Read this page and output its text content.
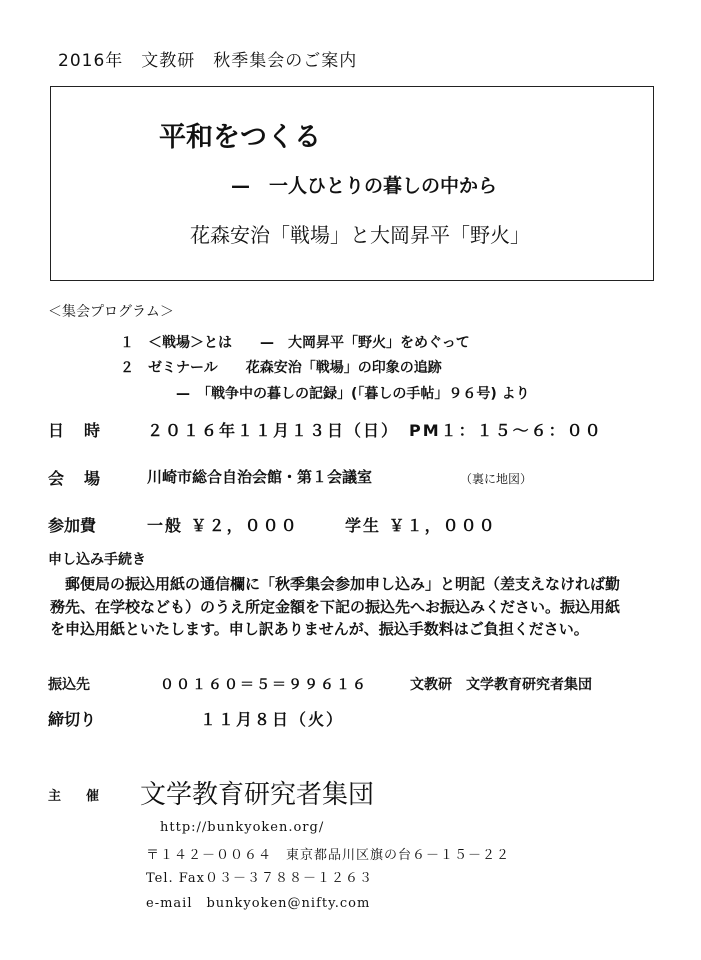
2016年　文教研　秋季集会のご案内
平和をつくる
—　一人ひとりの暮しの中から
花森安治「戦場」と大岡昇平「野火」
＜集会プログラム＞
１　＜戦場＞とは　　—　大岡昇平「野火」をめぐって
２　ゼミナール　　花森安治「戦場」の印象の追跡
—　「戦争中の暮しの記録」(「暮しの手帖」９６号) より
日　時	２０１６年１１月１３日（日）　PM１：１５〜６：００
会　場	川崎市総合自治会館・第１会議室	（裏に地図）
参加費	一般 ￥２，０００	学生 ￥１，０００
申し込み手続き
郵便局の振込用紙の通信欄に「秋季集会参加申し込み」と明記（差支えなければ勤務先、在学校なども）のうえ所定金額を下記の振込先へお振込みください。振込用紙を申込用紙といたします。申し訳ありませんが、振込手数料はご負担ください。
振込先	００１６０＝５＝９９６１６	文教研　文学教育研究者集団
締切り	１１月８日（火）
主　催 文学教育研究者集団
http://bunkyoken.org/
〒１４２－００６４　東京都品川区旗の台６－１５－２２
Tel. Fax０３－３７８８－１２６３
e-mail　bunkyoken@nifty.com
